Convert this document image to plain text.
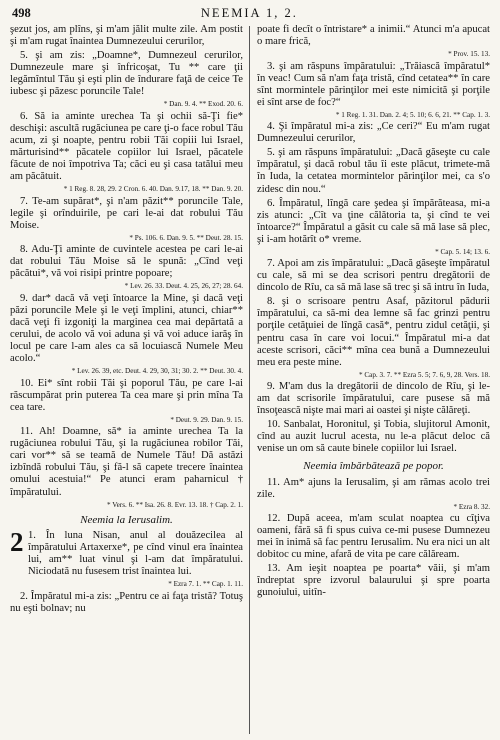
498	NEEMIA 1, 2.

şezut jos, am plîns, şi m'am jălit multe zile. Am postit şi m'am rugat înaintea Dumnezeului cerurilor,

5. şi am zis: „Doamne*, Dumnezeul cerurilor, Dumnezeule mare şi înfricoşat, Tu ** care ţii legămîntul Tău şi eşti plin de îndurare faţă de ceice Te iubesc şi păzesc poruncile Tale!

* Dan. 9. 4. ** Exod. 20. 6.

6. Să ia aminte urechea Ta şi ochii să-Ţi fie* deschişi: ascultă rugăciunea pe care ţi-o face robul Tău acum, zi şi noapte, pentru robii Tăi copiii lui Israel, mărturisind** păcatele copiilor lui Israel, păcatele făcute de noi împotriva Ta; căci eu şi casa tatălui meu am păcătuit.

* 1 Reg. 8. 28, 29. 2 Cron. 6. 40. Dan. 9.17, 18. ** Dan. 9. 20.

7. Te-am supărat*, şi n'am păzit** poruncile Tale, legile şi orînduirile, pe cari le-ai dat robului Tău Moise.

* Ps. 106. 6. Dan. 9. 5. ** Deut. 28. 15.

8. Adu-Ţi aminte de cuvintele acestea pe cari le-ai dat robului Tău Moise să le spună: „Cînd veţi păcătui*, vă voi risipi printre popoare;

* Lev. 26. 33. Deut. 4. 25, 26, 27; 28. 64.

9. dar* dacă vă veţi întoarce la Mine, şi dacă veţi păzi poruncile Mele şi le veţi împlini, atunci, chiar** dacă veţi fi izgoniţi la marginea cea mai depărtată a cerului, de acolo vă voi aduna şi vă voi aduce iarăş în locul pe care l-am ales ca să locuiască Numele Meu acolo.“

* Lev. 26. 39, etc. Deut. 4. 29, 30, 31; 30. 2. ** Deut. 30. 4.

10. Ei* sînt robii Tăi şi poporul Tău, pe care l-ai răscumpărat prin puterea Ta cea mare şi prin mîna Ta cea tare.

* Deut. 9. 29. Dan. 9. 15.

11. Ah! Doamne, să* ia aminte urechea Ta la rugăciunea robului Tău, şi la rugăciunea robilor Tăi, cari vor** să se teamă de Numele Tău! Dă astăzi izbîndă robului Tău, şi fă-l să capete trecere înaintea omului acestuia!“ Pe atunci eram paharnicul † împăratului.

* Vers. 6. ** Isa. 26. 8. Evr. 13. 18. † Cap. 2. 1.
Neemia la Ierusalim.

2 1. În luna Nisan, anul al douăzecilea al împăratului Artaxerxe*, pe cînd vinul era înaintea lui, am** luat vinul şi l-am dat împăratului. Niciodată nu fusesem trist înaintea lui.

* Ezra 7. 1. ** Cap. 1. 11.

2. Împăratul mi-a zis: „Pentru ce ai faţa tristă? Totuş nu eşti bolnav; nu

poate fi decît o întristare* a inimii.“ Atunci m'a apucat o mare frică,

* Prov. 15. 13.

3. şi am răspuns împăratului: „Trăiască împăratul* în veac! Cum să n'am faţa tristă, cînd cetatea** în care sînt mormintele părinţilor mei este nimicită şi porţile ei sînt arse de foc?“

* 1 Reg. 1. 31. Dan. 2. 4; 5. 10; 6. 6, 21. ** Cap. 1. 3.

4. Şi împăratul mi-a zis: „Ce ceri?“ Eu m'am rugat Dumnezeului cerurilor,

5. şi am răspuns împăratului: „Dacă găseşte cu cale împăratul, şi dacă robul tău îi este plăcut, trimete-mă în Iuda, la cetatea mormintelor părinţilor mei, ca s'o zidesc din nou.“

6. Împăratul, lîngă care şedea şi împărăteasa, mi-a zis atunci: „Cît va ţine călătoria ta, şi cînd te vei întoarce?“ Împăratul a găsit cu cale să mă lase să plec, şi i-am hotărît o* vreme.

* Cap. 5. 14; 13. 6.

7. Apoi am zis împăratului: „Dacă găseşte împăratul cu cale, să mi se dea scrisori pentru dregătorii de dincolo de Rîu, ca să mă lase să trec şi să intru în Iuda,

8. şi o scrisoare pentru Asaf, păzitorul pădurii împăratului, ca să-mi dea lemne să fac grinzi pentru porţile cetăţuiei de lîngă casă*, pentru zidul cetăţii, şi pentru casa în care voi locui.“ Împăratul mi-a dat aceste scrisori, căci** mîna cea bună a Dumnezeului meu era peste mine.

* Cap. 3. 7. ** Ezra 5. 5; 7. 6, 9, 28. Vers. 18.

9. M'am dus la dregătorii de dincolo de Rîu, şi le-am dat scrisorile împăratului, care pusese să mă însoţească niştе mai mari ai oastei şi nişte călăreţi.

10. Sanbalat, Horonitul, şi Tobia, slujitorul Amonit, cînd au auzit lucrul acesta, nu le-a plăcut deloc că venise un om să caute binele copiilor lui Israel.

Neemia îmbărbătează pe popor.

11. Am* ajuns la Ierusalim, şi am rămas acolo trei zile.

* Ezra 8. 32.

12. După aceea, m'am sculat noaptea cu cîţiva oameni, fără să fi spus cuiva ce-mi pusese Dumnezeu mei în inimă să fac pentru Ierusalim. Nu era nici un alt dobitoc cu mine, afară de vita pe care călăream.

13. Am ieşit noaptea pe poarta* văii, şi m'am îndreptat spre izvorul balaurului şi spre poarta gunoiului, uitîn-
